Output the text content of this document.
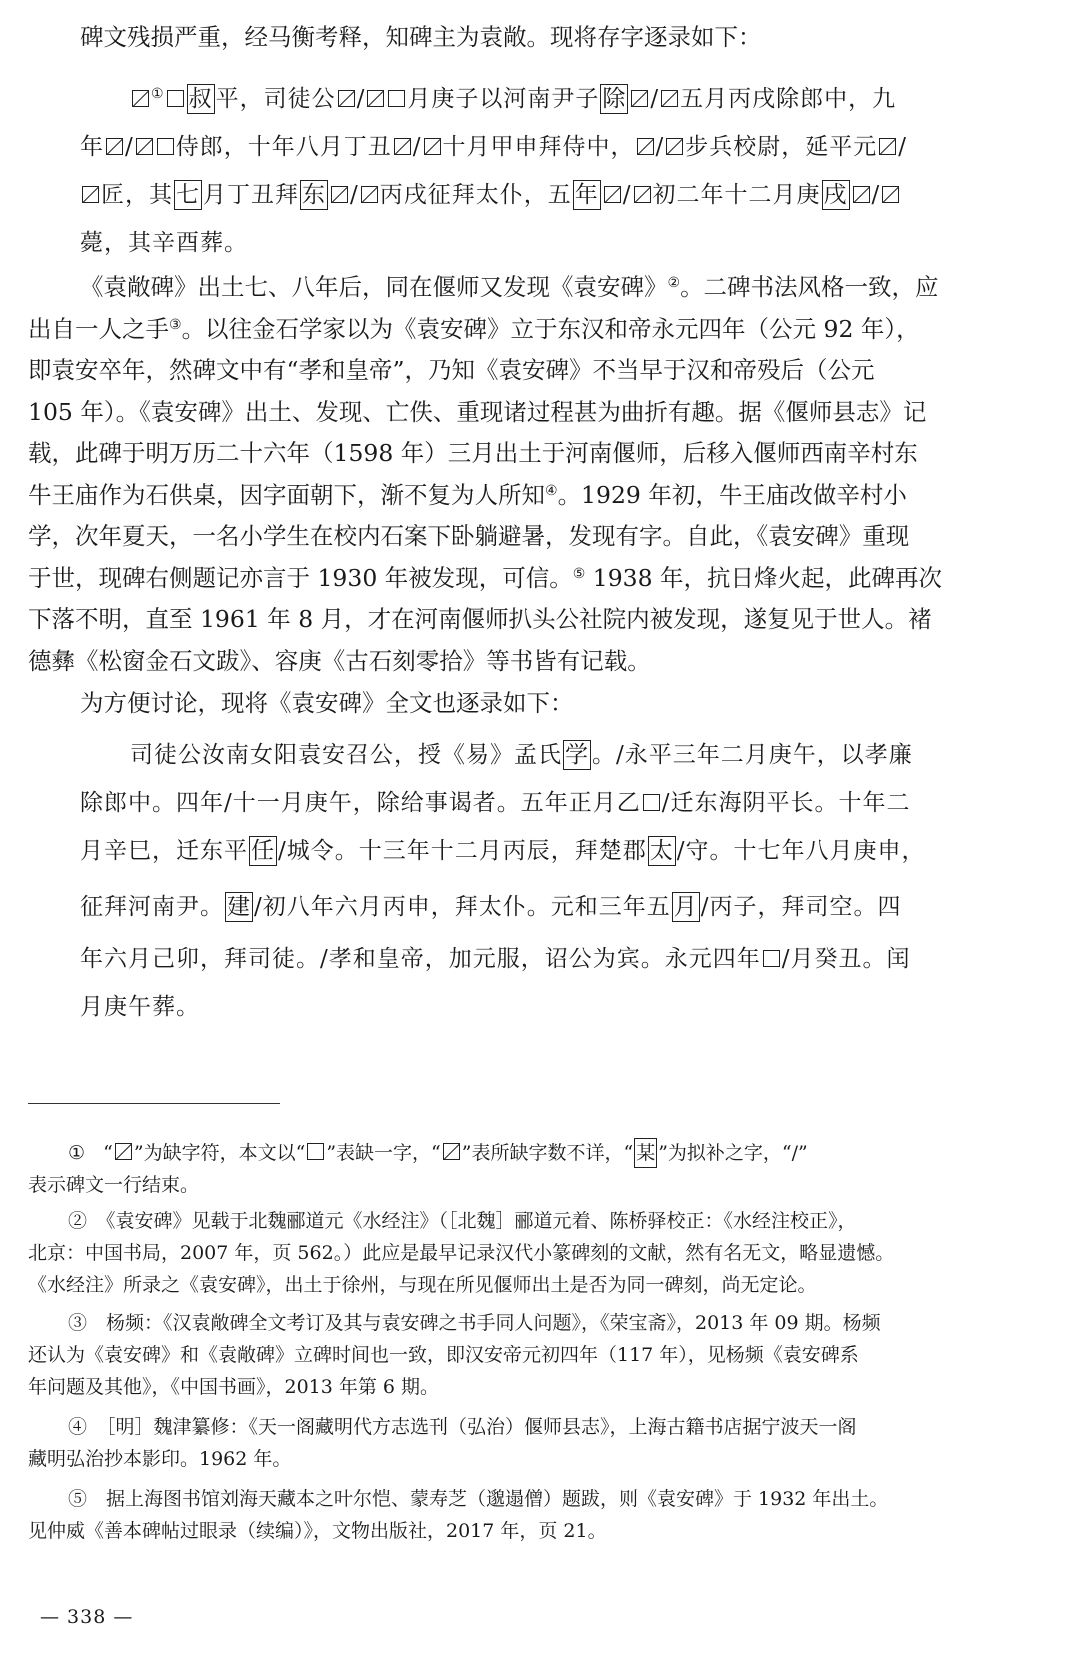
碑文残损严重，经马衡考释，知碑主为袁敞。现将存字逐录如下：
① 叔 平，司徒公 / 月庚子以河南尹子 除 / 五月丙戌除郎中，九
年 / 侍郎，十年八月丁丑 / 十月甲申拜侍中， / 步兵校尉，延平元 /
匠，其 七 月丁丑拜 东 / 丙戌征拜太仆，五 年 / 初二年十二月庚 戌 /
薨，其辛酉葬。
《袁敞碑》出土七、八年后，同在偃师又发现《袁安碑》②。二碑书法风格一致，应
出自一人之手③。以往金石学家以为《袁安碑》立于东汉和帝永元四年（公元 92 年），
即袁安卒年，然碑文中有“孝和皇帝”，乃知《袁安碑》不当早于汉和帝殁后（公元
105 年）。《袁安碑》出土、发现、亡佚、重现诸过程甚为曲折有趣。据《偃师县志》记
载，此碑于明万历二十六年（1598 年）三月出土于河南偃师，后移入偃师西南辛村东
牛王庙作为石供桌，因字面朝下，渐不复为人所知④。1929 年初，牛王庙改做辛村小
学，次年夏天，一名小学生在校内石案下卧躺避暑，发现有字。自此，《袁安碑》重现
于世，现碑右侧题记亦言于 1930 年被发现，可信。⑤ 1938 年，抗日烽火起，此碑再次
下落不明，直至 1961 年 8 月，才在河南偃师扒头公社院内被发现，遂复见于世人。褚
德彝《松窗金石文跋》、容庚《古石刻零拾》等书皆有记载。
为方便讨论，现将《袁安碑》全文也逐录如下：
司徒公汝南女阳袁安召公，授《易》孟氏 学 。/永平三年二月庚午，以孝廉
除郎中。四年/十一月庚午，除给事谒者。五年正月乙 /迁东海阴平长。十年二
月辛巳，迁东平 任 /城令。十三年十二月丙辰，拜楚郡 太 /守。十七年八月庚申，
征拜河南尹。 建 /初八年六月丙申，拜太仆。元和三年五 月 /丙子，拜司空。四
年六月己卯，拜司徒。/孝和皇帝，加元服，诏公为宾。永元四年 /月癸丑。闰
月庚午葬。
① “ ”为缺字符，本文以“ ”表缺一字，“ ”表所缺字数不详，“ 某 ”为拟补之字，“/”
表示碑文一行结束。
②　《袁安碑》见载于北魏郦道元《水经注》（［北魏］郦道元着、陈桥驿校正：《水经注校正》，
北京：中国书局，2007 年，页 562。）此应是最早记录汉代小篆碑刻的文献，然有名无文，略显遗憾。
《水经注》所录之《袁安碑》，出土于徐州，与现在所见偃师出土是否为同一碑刻，尚无定论。
③　杨频：《汉袁敞碑全文考订及其与袁安碑之书手同人问题》，《荣宝斋》，2013 年 09 期。杨频
还认为《袁安碑》和《袁敞碑》立碑时间也一致，即汉安帝元初四年（117 年），见杨频《袁安碑系
年问题及其他》，《中国书画》，2013 年第 6 期。
④　［明］魏津纂修：《天一阁藏明代方志选刊（弘治）偃师县志》，上海古籍书店据宁波天一阁
藏明弘治抄本影印。1962 年。
⑤　据上海图书馆刘海天藏本之叶尔恺、蒙寿芝（邈遢僧）题跋，则《袁安碑》于 1932 年出土。
见仲威《善本碑帖过眼录（续编）》，文物出版社，2017 年，页 21。
— 338 —
